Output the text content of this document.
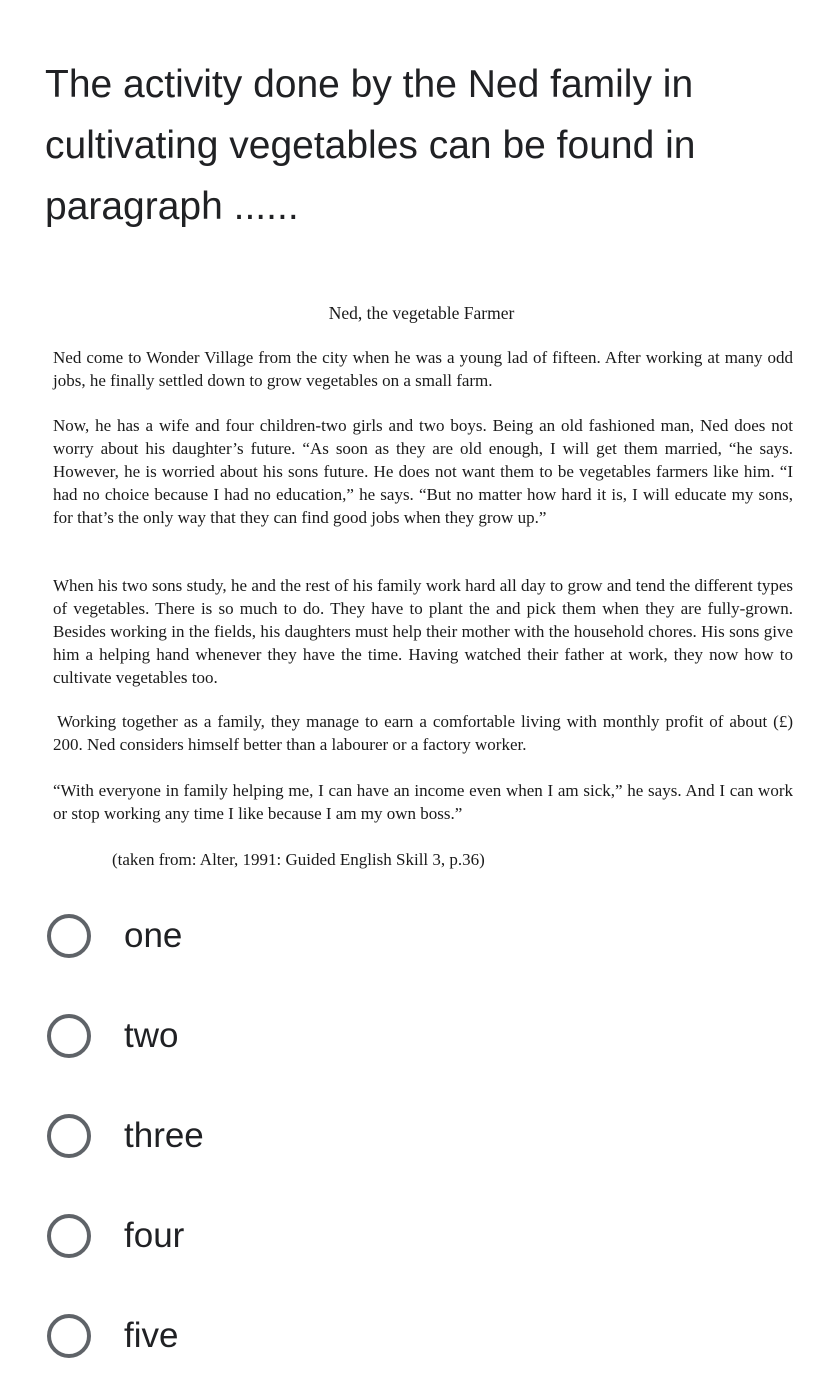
The activity done by the Ned family in cultivating vegetables can be found in paragraph ......
Ned, the vegetable Farmer

Ned come to Wonder Village from the city when he was a young lad of fifteen. After working at many odd jobs, he finally settled down to grow vegetables on a small farm.

Now, he has a wife and four children-two girls and two boys. Being an old fashioned man, Ned does not worry about his daughter’s future. “As soon as they are old enough, I will get them married, “he says. However, he is worried about his sons future. He does not want them to be vegetables farmers like him. “I had no choice because I had no education,” he says. “But no matter how hard it is, I will educate my sons, for that’s the only way that they can find good jobs when they grow up.”

When his two sons study, he and the rest of his family work hard all day to grow and tend the different types of vegetables. There is so much to do. They have to plant the and pick them when they are fully-grown. Besides working in the fields, his daughters must help their mother with the household chores. His sons give him a helping hand whenever they have the time. Having watched their father at work, they now how to cultivate vegetables too.

Working together as a family, they manage to earn a comfortable living with monthly profit of about (£) 200. Ned considers himself better than a labourer or a factory worker.

“With everyone in family helping me, I can have an income even when I am sick,” he says. And I can work or stop working any time I like because I am my own boss.”

(taken from: Alter, 1991: Guided English Skill 3, p.36)
one
two
three
four
five
